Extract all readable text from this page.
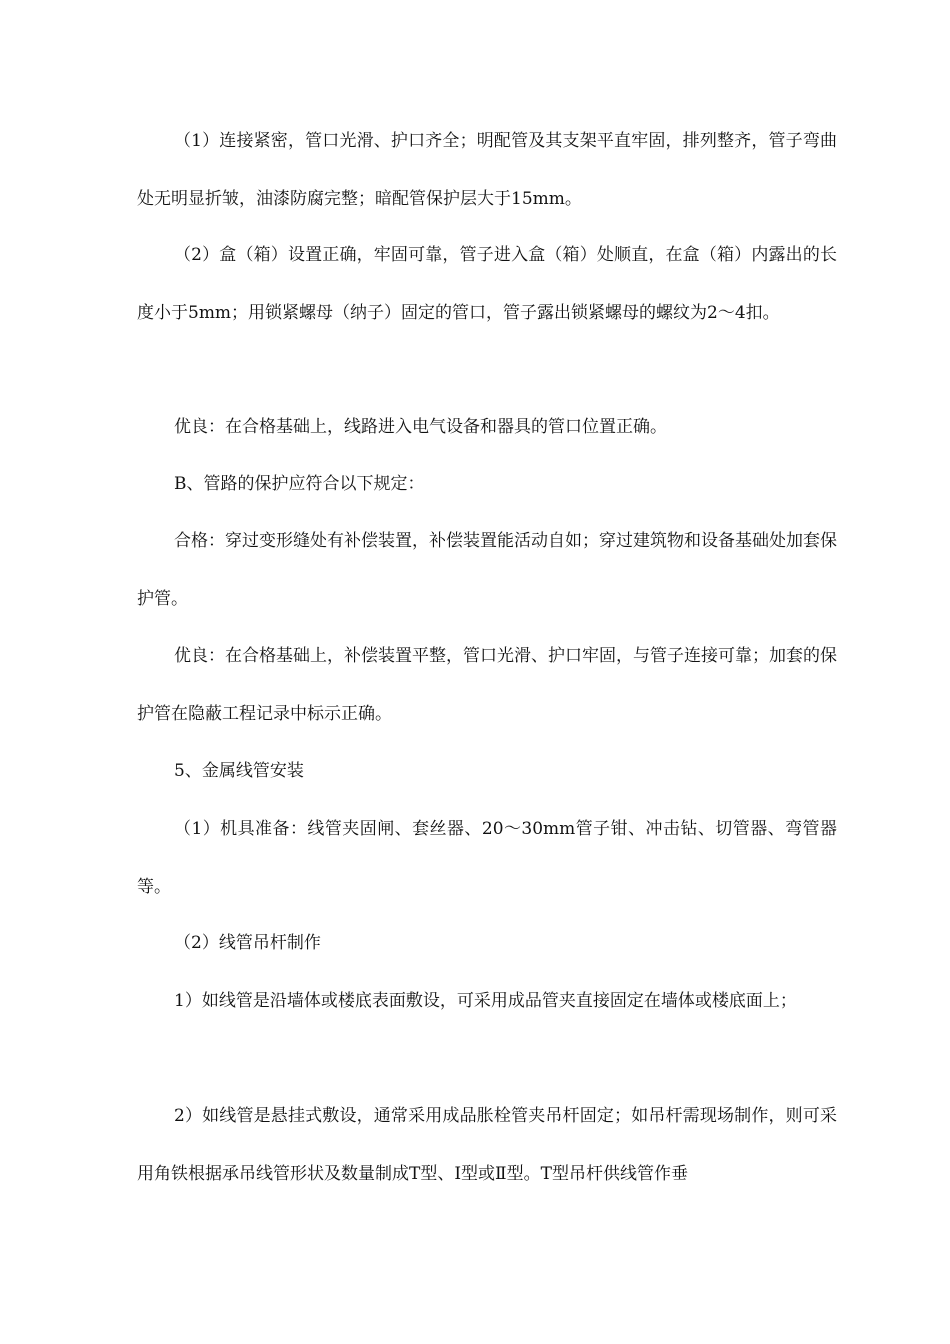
（1）连接紧密，管口光滑、护口齐全；明配管及其支架平直牢固，排列整齐，管子弯曲处无明显折皱，油漆防腐完整；暗配管保护层大于15mm。

（2）盒（箱）设置正确，牢固可靠，管子进入盒（箱）处顺直，在盒（箱）内露出的长度小于5mm；用锁紧螺母（纳子）固定的管口，管子露出锁紧螺母的螺纹为2～4扣。

优良：在合格基础上，线路进入电气设备和器具的管口位置正确。

B、管路的保护应符合以下规定：

合格：穿过变形缝处有补偿装置，补偿装置能活动自如；穿过建筑物和设备基础处加套保护管。

优良：在合格基础上，补偿装置平整，管口光滑、护口牢固，与管子连接可靠；加套的保护管在隐蔽工程记录中标示正确。

5、金属线管安装

（1）机具准备：线管夹固闸、套丝器、20～30mm管子钳、冲击钻、切管器、弯管器等。

（2）线管吊杆制作

1）如线管是沿墙体或楼底表面敷设，可采用成品管夹直接固定在墙体或楼底面上；

2）如线管是悬挂式敷设，通常采用成品胀栓管夹吊杆固定；如吊杆需现场制作，则可采用角铁根据承吊线管形状及数量制成T型、Ⅰ型或Ⅱ型。T型吊杆供线管作垂
